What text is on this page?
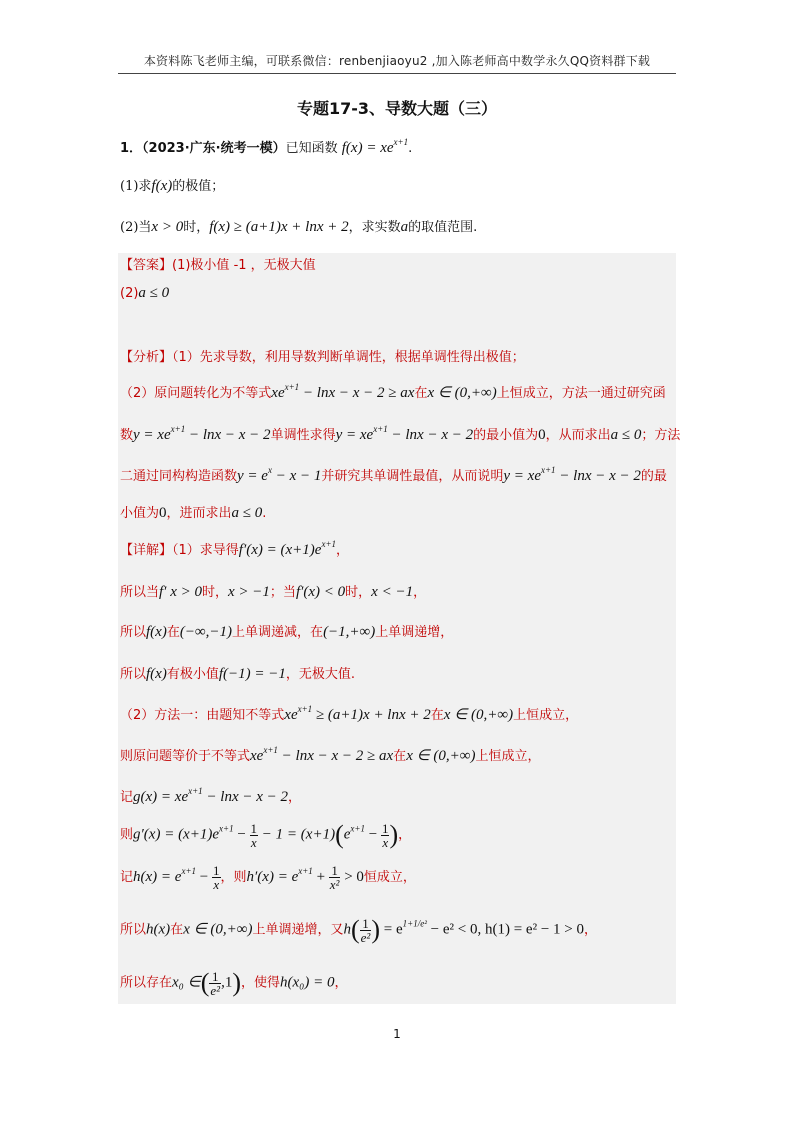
本资料陈飞老师主编，可联系微信：renbenjiaoyu2 ,加入陈老师高中数学永久QQ资料群下载
专题17-3、导数大题（三）
1．（2023·广东·统考一模）已知函数 $f(x) = xe^{x+1}$.
(1)求f(x)的极值；
(2)当x > 0时，f(x) ≥ (a+1)x + lnx + 2，求实数a的取值范围.
【答案】(1)极小值 -1 ，无极大值
(2)a ≤ 0
【分析】（1）先求导数，利用导数判断单调性，根据单调性得出极值；
（2）原问题转化为不等式$xe^{x+1} - \ln x - x - 2$ ≥ ax在x ∈ (0,+∞)上恒成立，方法一通过研究函
数$y = xe^{x+1} - \ln x - x - 2$单调性求得$y = xe^{x+1} - \ln x - x - 2$的最小值为0，从而求出a ≤ 0；方法
二通过同构构造函数$y = e^x - x - 1$并研究其单调性最值，从而说明$y = xe^{x+1} - \ln x - x - 2$的最
小值为0，进而求出a ≤ 0.
【详解】（1）求导得$f'(x) = (x+1)e^{x+1}$，
所以当f′ x > 0时，x > −1；当f′(x) < 0时，x < −1，
所以f(x)在(−∞,−1)上单调递减，在(−1,+∞)上单调递增，
所以f(x)有极小值f(−1) = −1，无极大值.
（2）方法一：由题知不等式$xe^{x+1} \ge (a+1)x + \ln x + 2$在x ∈ (0,+∞)上恒成立，
则原问题等价于不等式$xe^{x+1} - \ln x - x - 2$ ≥ ax在x ∈ (0,+∞)上恒成立，
记$g(x) = xe^{x+1} - \ln x - x - 2$，
则$g'(x) = (x+1)e^{x+1} - \frac{1}{x} - 1 = (x+1)(e^{x+1} - \frac{1}{x}$ )，
记$h(x) = e^{x+1} - \frac{1}{x}$ ，则$h'(x) = e^{x+1} + \frac{1}{\text{x²}} > 0$恒成立，
所以h(x)在x ∈ (0,+∞)上单调递增，又$h( \frac{1}{\text{e²}}$ ) = $e^{1+1/e^2} - e^2 < 0$, h(1) = e² − 1 > 0，
所以存在x₀ ∈( $\frac{1}{\text{e²}} ,1$)，使得h(x₀) = 0，
1
